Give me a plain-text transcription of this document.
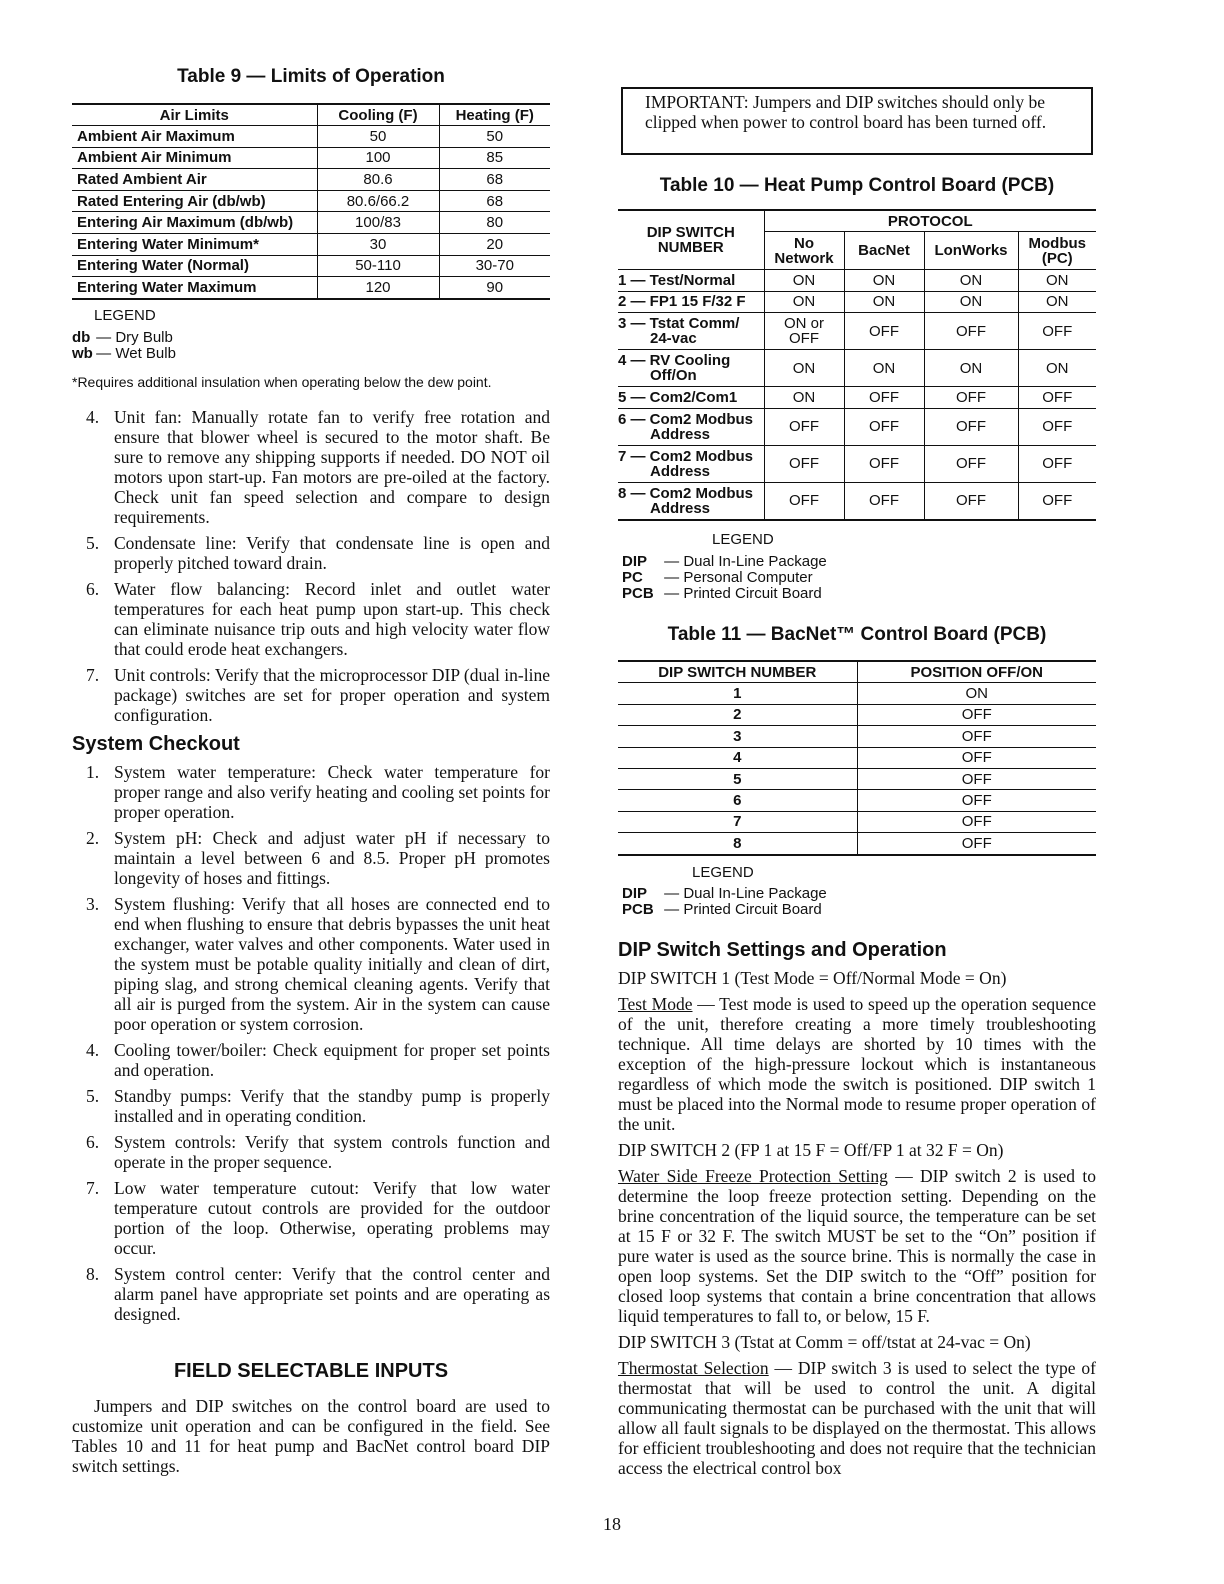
Table 9 — Limits of Operation
Air Limits	Cooling (F)	Heating (F)
Ambient Air Maximum	50	50
Ambient Air Minimum	100	85
Rated Ambient Air	80.6	68
Rated Entering Air (db/wb)	80.6/66.2	68
Entering Air Maximum (db/wb)	100/83	80
Entering Water Minimum*	30	20
Entering Water (Normal)	50-110	30-70
Entering Water Maximum	120	90
LEGEND
db — Dry Bulb
wb — Wet Bulb
*Requires additional insulation when operating below the dew point.
4. Unit fan: Manually rotate fan to verify free rotation and ensure that blower wheel is secured to the motor shaft. Be sure to remove any shipping supports if needed. DO NOT oil motors upon start-up. Fan motors are pre-oiled at the factory. Check unit fan speed selection and compare to design requirements.
5. Condensate line: Verify that condensate line is open and properly pitched toward drain.
6. Water flow balancing: Record inlet and outlet water temperatures for each heat pump upon start-up. This check can eliminate nuisance trip outs and high velocity water flow that could erode heat exchangers.
7. Unit controls: Verify that the microprocessor DIP (dual in-line package) switches are set for proper operation and system configuration.
System Checkout
1. System water temperature: Check water temperature for proper range and also verify heating and cooling set points for proper operation.
2. System pH: Check and adjust water pH if necessary to maintain a level between 6 and 8.5. Proper pH promotes longevity of hoses and fittings.
3. System flushing: Verify that all hoses are connected end to end when flushing to ensure that debris bypasses the unit heat exchanger, water valves and other components. Water used in the system must be potable quality initially and clean of dirt, piping slag, and strong chemical cleaning agents. Verify that all air is purged from the system. Air in the system can cause poor operation or system corrosion.
4. Cooling tower/boiler: Check equipment for proper set points and operation.
5. Standby pumps: Verify that the standby pump is properly installed and in operating condition.
6. System controls: Verify that system controls function and operate in the proper sequence.
7. Low water temperature cutout: Verify that low water temperature cutout controls are provided for the outdoor portion of the loop. Otherwise, operating problems may occur.
8. System control center: Verify that the control center and alarm panel have appropriate set points and are operating as designed.
FIELD SELECTABLE INPUTS

Jumpers and DIP switches on the control board are used to customize unit operation and can be configured in the field. See Tables 10 and 11 for heat pump and BacNet control board DIP switch settings.

IMPORTANT: Jumpers and DIP switches should only be clipped when power to control board has been turned off.
Table 10 — Heat Pump Control Board (PCB)
DIP SWITCH NUMBER	PROTOCOL			
	No Network	BacNet	LonWorks	Modbus (PC)
1 — Test/Normal	ON	ON	ON	ON
2 — FP1 15 F/32 F	ON	ON	ON	ON
3 — Tstat Comm/
24-vac	ON or OFF	OFF	OFF	OFF
4 — RV Cooling
Off/On	ON	ON	ON	ON
5 — Com2/Com1	ON	OFF	OFF	OFF
6 — Com2 Modbus
Address	OFF	OFF	OFF	OFF
7 — Com2 Modbus
Address	OFF	OFF	OFF	OFF
8 — Com2 Modbus
Address	OFF	OFF	OFF	OFF
LEGEND
DIP — Dual In-Line Package
PC — Personal Computer
PCB — Printed Circuit Board
Table 11 — BacNet™ Control Board (PCB)
DIP SWITCH NUMBER	POSITION OFF/ON
1	ON
2	OFF
3	OFF
4	OFF
5	OFF
6	OFF
7	OFF
8	OFF
LEGEND
DIP — Dual In-Line Package
PCB — Printed Circuit Board
DIP Switch Settings and Operation
DIP SWITCH 1 (Test Mode = Off/Normal Mode = On)
Test Mode — Test mode is used to speed up the operation sequence of the unit, therefore creating a more timely troubleshooting technique. All time delays are shorted by 10 times with the exception of the high-pressure lockout which is instantaneous regardless of which mode the switch is positioned. DIP switch 1 must be placed into the Normal mode to resume proper operation of the unit.
DIP SWITCH 2 (FP 1 at 15 F = Off/FP 1 at 32 F = On)
Water Side Freeze Protection Setting — DIP switch 2 is used to determine the loop freeze protection setting. Depending on the brine concentration of the liquid source, the temperature can be set at 15 F or 32 F. The switch MUST be set to the “On” position if pure water is used as the source brine. This is normally the case in open loop systems. Set the DIP switch to the “Off” position for closed loop systems that contain a brine concentration that allows liquid temperatures to fall to, or below, 15 F.
DIP SWITCH 3 (Tstat at Comm = off/tstat at 24-vac = On)
Thermostat Selection — DIP switch 3 is used to select the type of thermostat that will be used to control the unit. A digital communicating thermostat can be purchased with the unit that will allow all fault signals to be displayed on the thermostat. This allows for efficient troubleshooting and does not require that the technician access the electrical control box
18
